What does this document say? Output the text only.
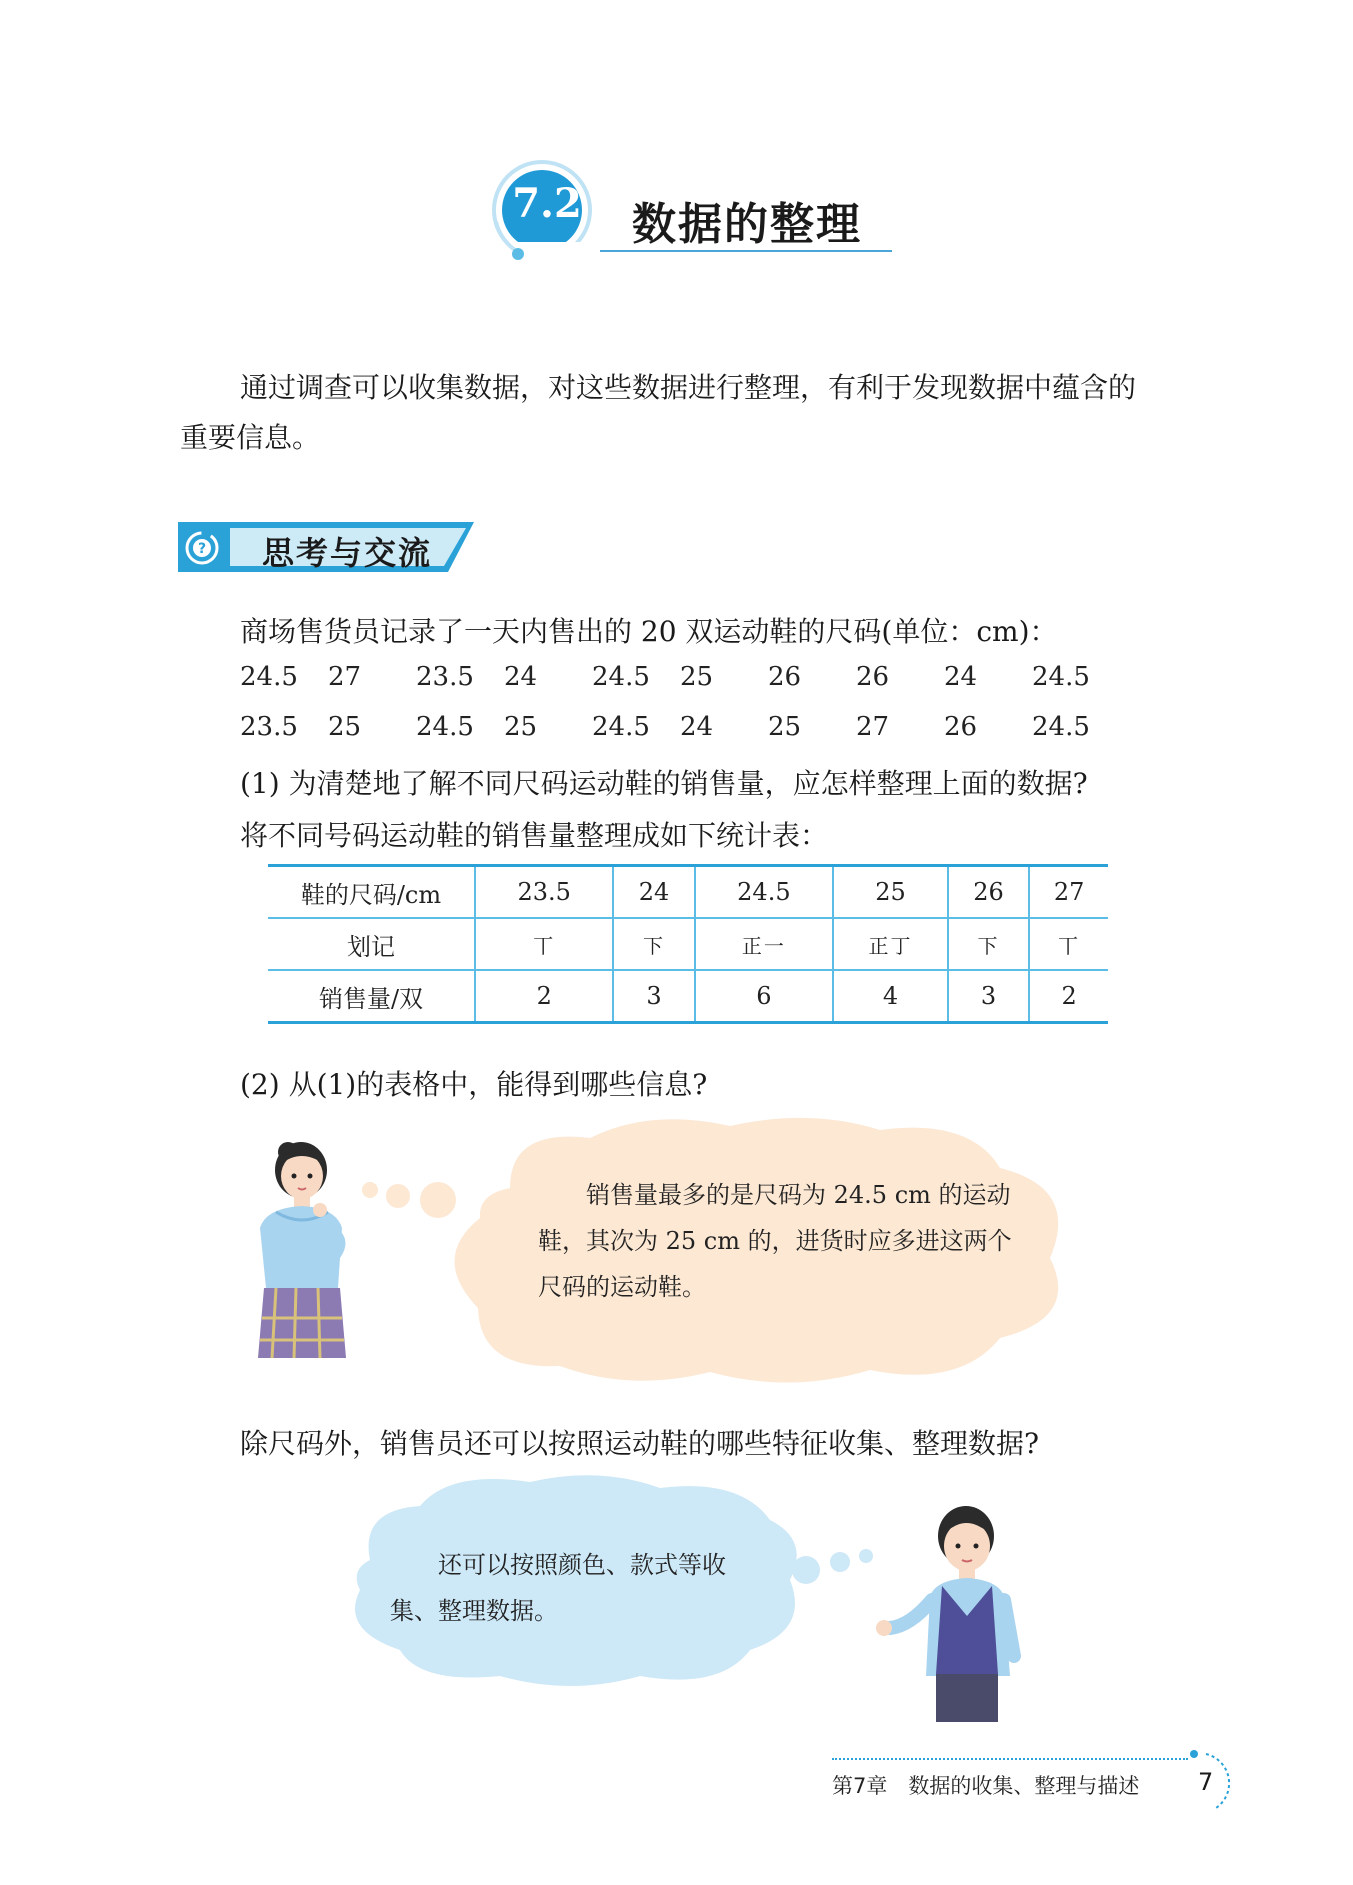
7.2 数据的整理
通过调查可以收集数据，对这些数据进行整理，有利于发现数据中蕴含的
重要信息。
? 思考与交流
商场售货员记录了一天内售出的 20 双运动鞋的尺码(单位：cm)：
24.5	27	23.5	24	24.5	25	26	26	24	24.5
23.5	25	24.5	25	24.5	24	25	27	26	24.5
(1) 为清楚地了解不同尺码运动鞋的销售量，应怎样整理上面的数据?
将不同号码运动鞋的销售量整理成如下统计表：
鞋的尺码/cm	23.5	24	24.5	25	26	27
划记	丅	下	正一	正丁	下	丅
销售量/双	2	3	6	4	3	2
(2) 从(1)的表格中，能得到哪些信息?
销售量最多的是尺码为 24.5 cm 的运动
鞋，其次为 25 cm 的，进货时应多进这两个
尺码的运动鞋。
除尺码外，销售员还可以按照运动鞋的哪些特征收集、整理数据?
还可以按照颜色、款式等收
集、整理数据。
第7章　数据的收集、整理与描述 7
